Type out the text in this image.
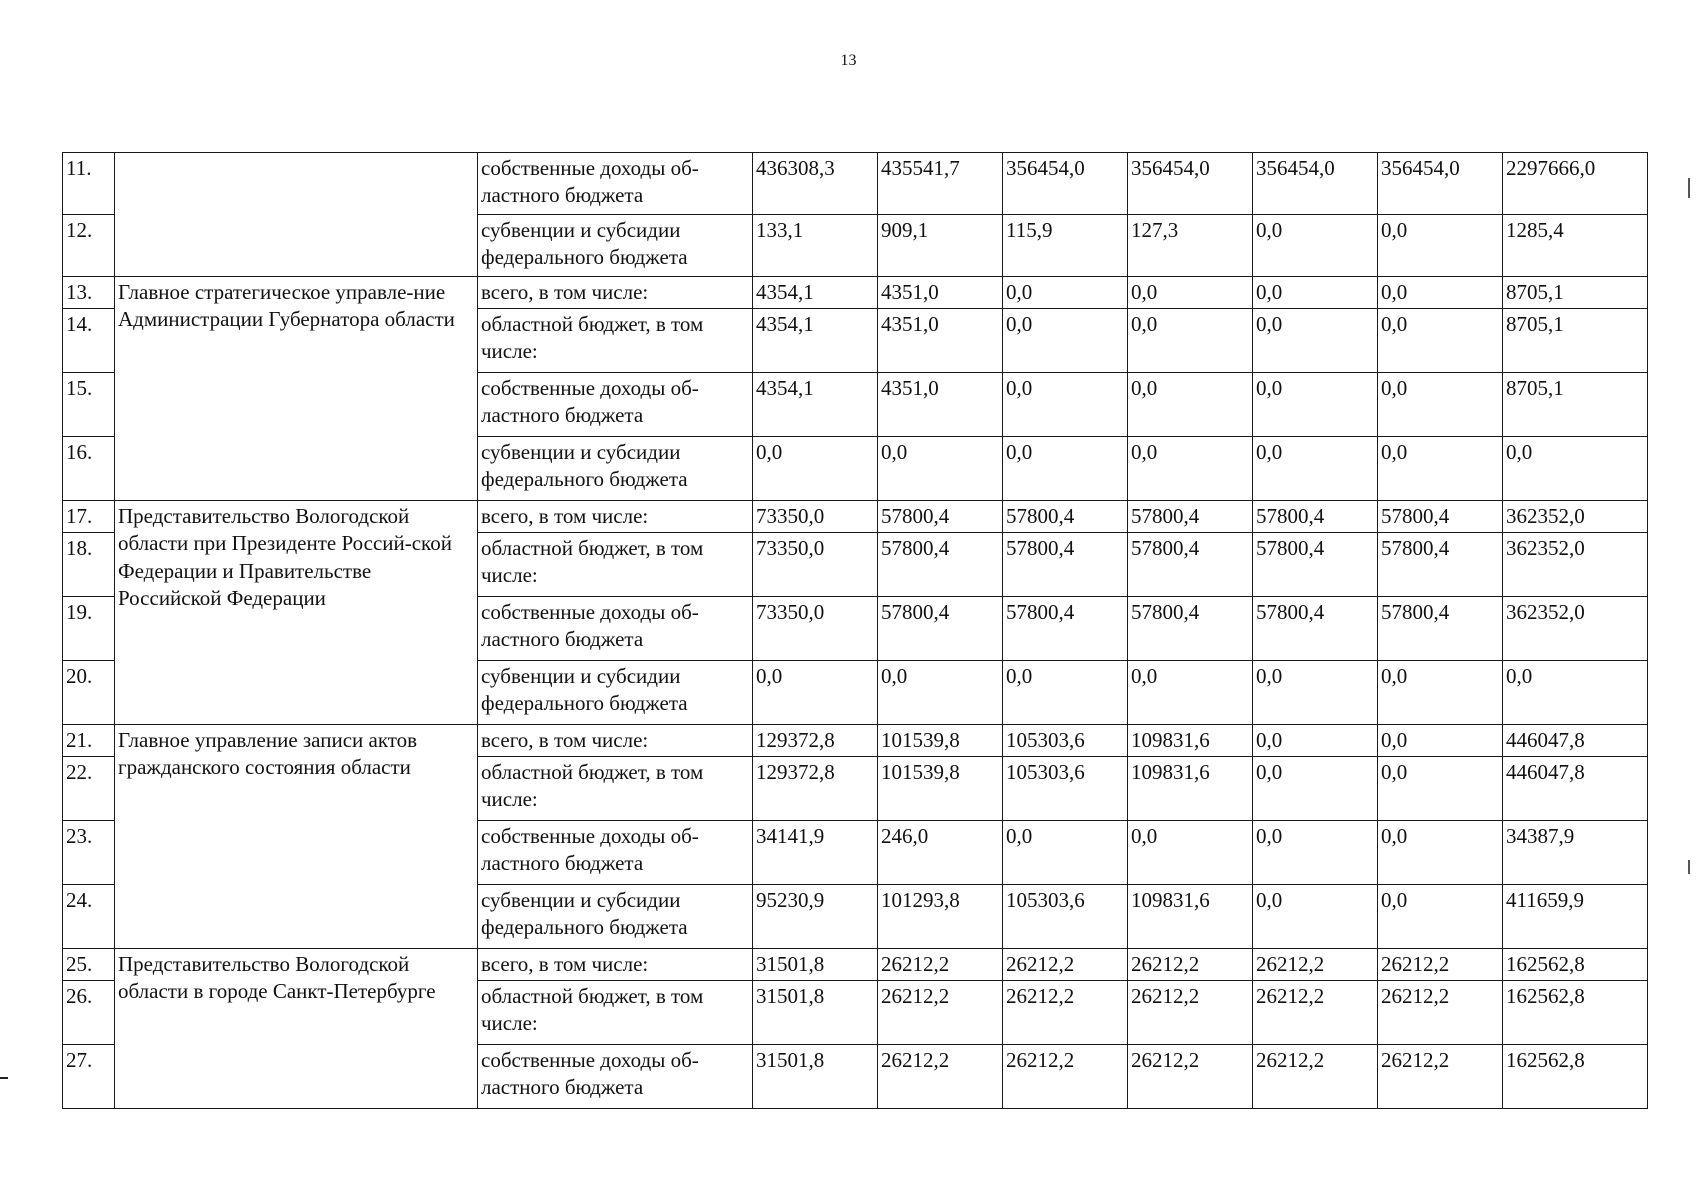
13
11.		собственные доходы об-ластного бюджета	436308,3	435541,7	356454,0	356454,0	356454,0	356454,0	2297666,0
12.		субвенции и субсидии федерального бюджета	133,1	909,1	115,9	127,3	0,0	0,0	1285,4
13.	Главное стратегическое управле-ние Администрации Губернатора области	всего, в том числе:	4354,1	4351,0	0,0	0,0	0,0	0,0	8705,1
14.		областной бюджет, в том числе:	4354,1	4351,0	0,0	0,0	0,0	0,0	8705,1
15.		собственные доходы об-ластного бюджета	4354,1	4351,0	0,0	0,0	0,0	0,0	8705,1
16.		субвенции и субсидии федерального бюджета	0,0	0,0	0,0	0,0	0,0	0,0	0,0
17.	Представительство Вологодской области при Президенте Россий-ской Федерации и Правительстве Российской Федерации	всего, в том числе:	73350,0	57800,4	57800,4	57800,4	57800,4	57800,4	362352,0
18.		областной бюджет, в том числе:	73350,0	57800,4	57800,4	57800,4	57800,4	57800,4	362352,0
19.		собственные доходы об-ластного бюджета	73350,0	57800,4	57800,4	57800,4	57800,4	57800,4	362352,0
20.		субвенции и субсидии федерального бюджета	0,0	0,0	0,0	0,0	0,0	0,0	0,0
21.	Главное управление записи актов гражданского состояния области	всего, в том числе:	129372,8	101539,8	105303,6	109831,6	0,0	0,0	446047,8
22.		областной бюджет, в том числе:	129372,8	101539,8	105303,6	109831,6	0,0	0,0	446047,8
23.		собственные доходы об-ластного бюджета	34141,9	246,0	0,0	0,0	0,0	0,0	34387,9
24.		субвенции и субсидии федерального бюджета	95230,9	101293,8	105303,6	109831,6	0,0	0,0	411659,9
25.	Представительство Вологодской области в городе Санкт-Петербурге	всего, в том числе:	31501,8	26212,2	26212,2	26212,2	26212,2	26212,2	162562,8
26.		областной бюджет, в том числе:	31501,8	26212,2	26212,2	26212,2	26212,2	26212,2	162562,8
27.		собственные доходы об-ластного бюджета	31501,8	26212,2	26212,2	26212,2	26212,2	26212,2	162562,8
